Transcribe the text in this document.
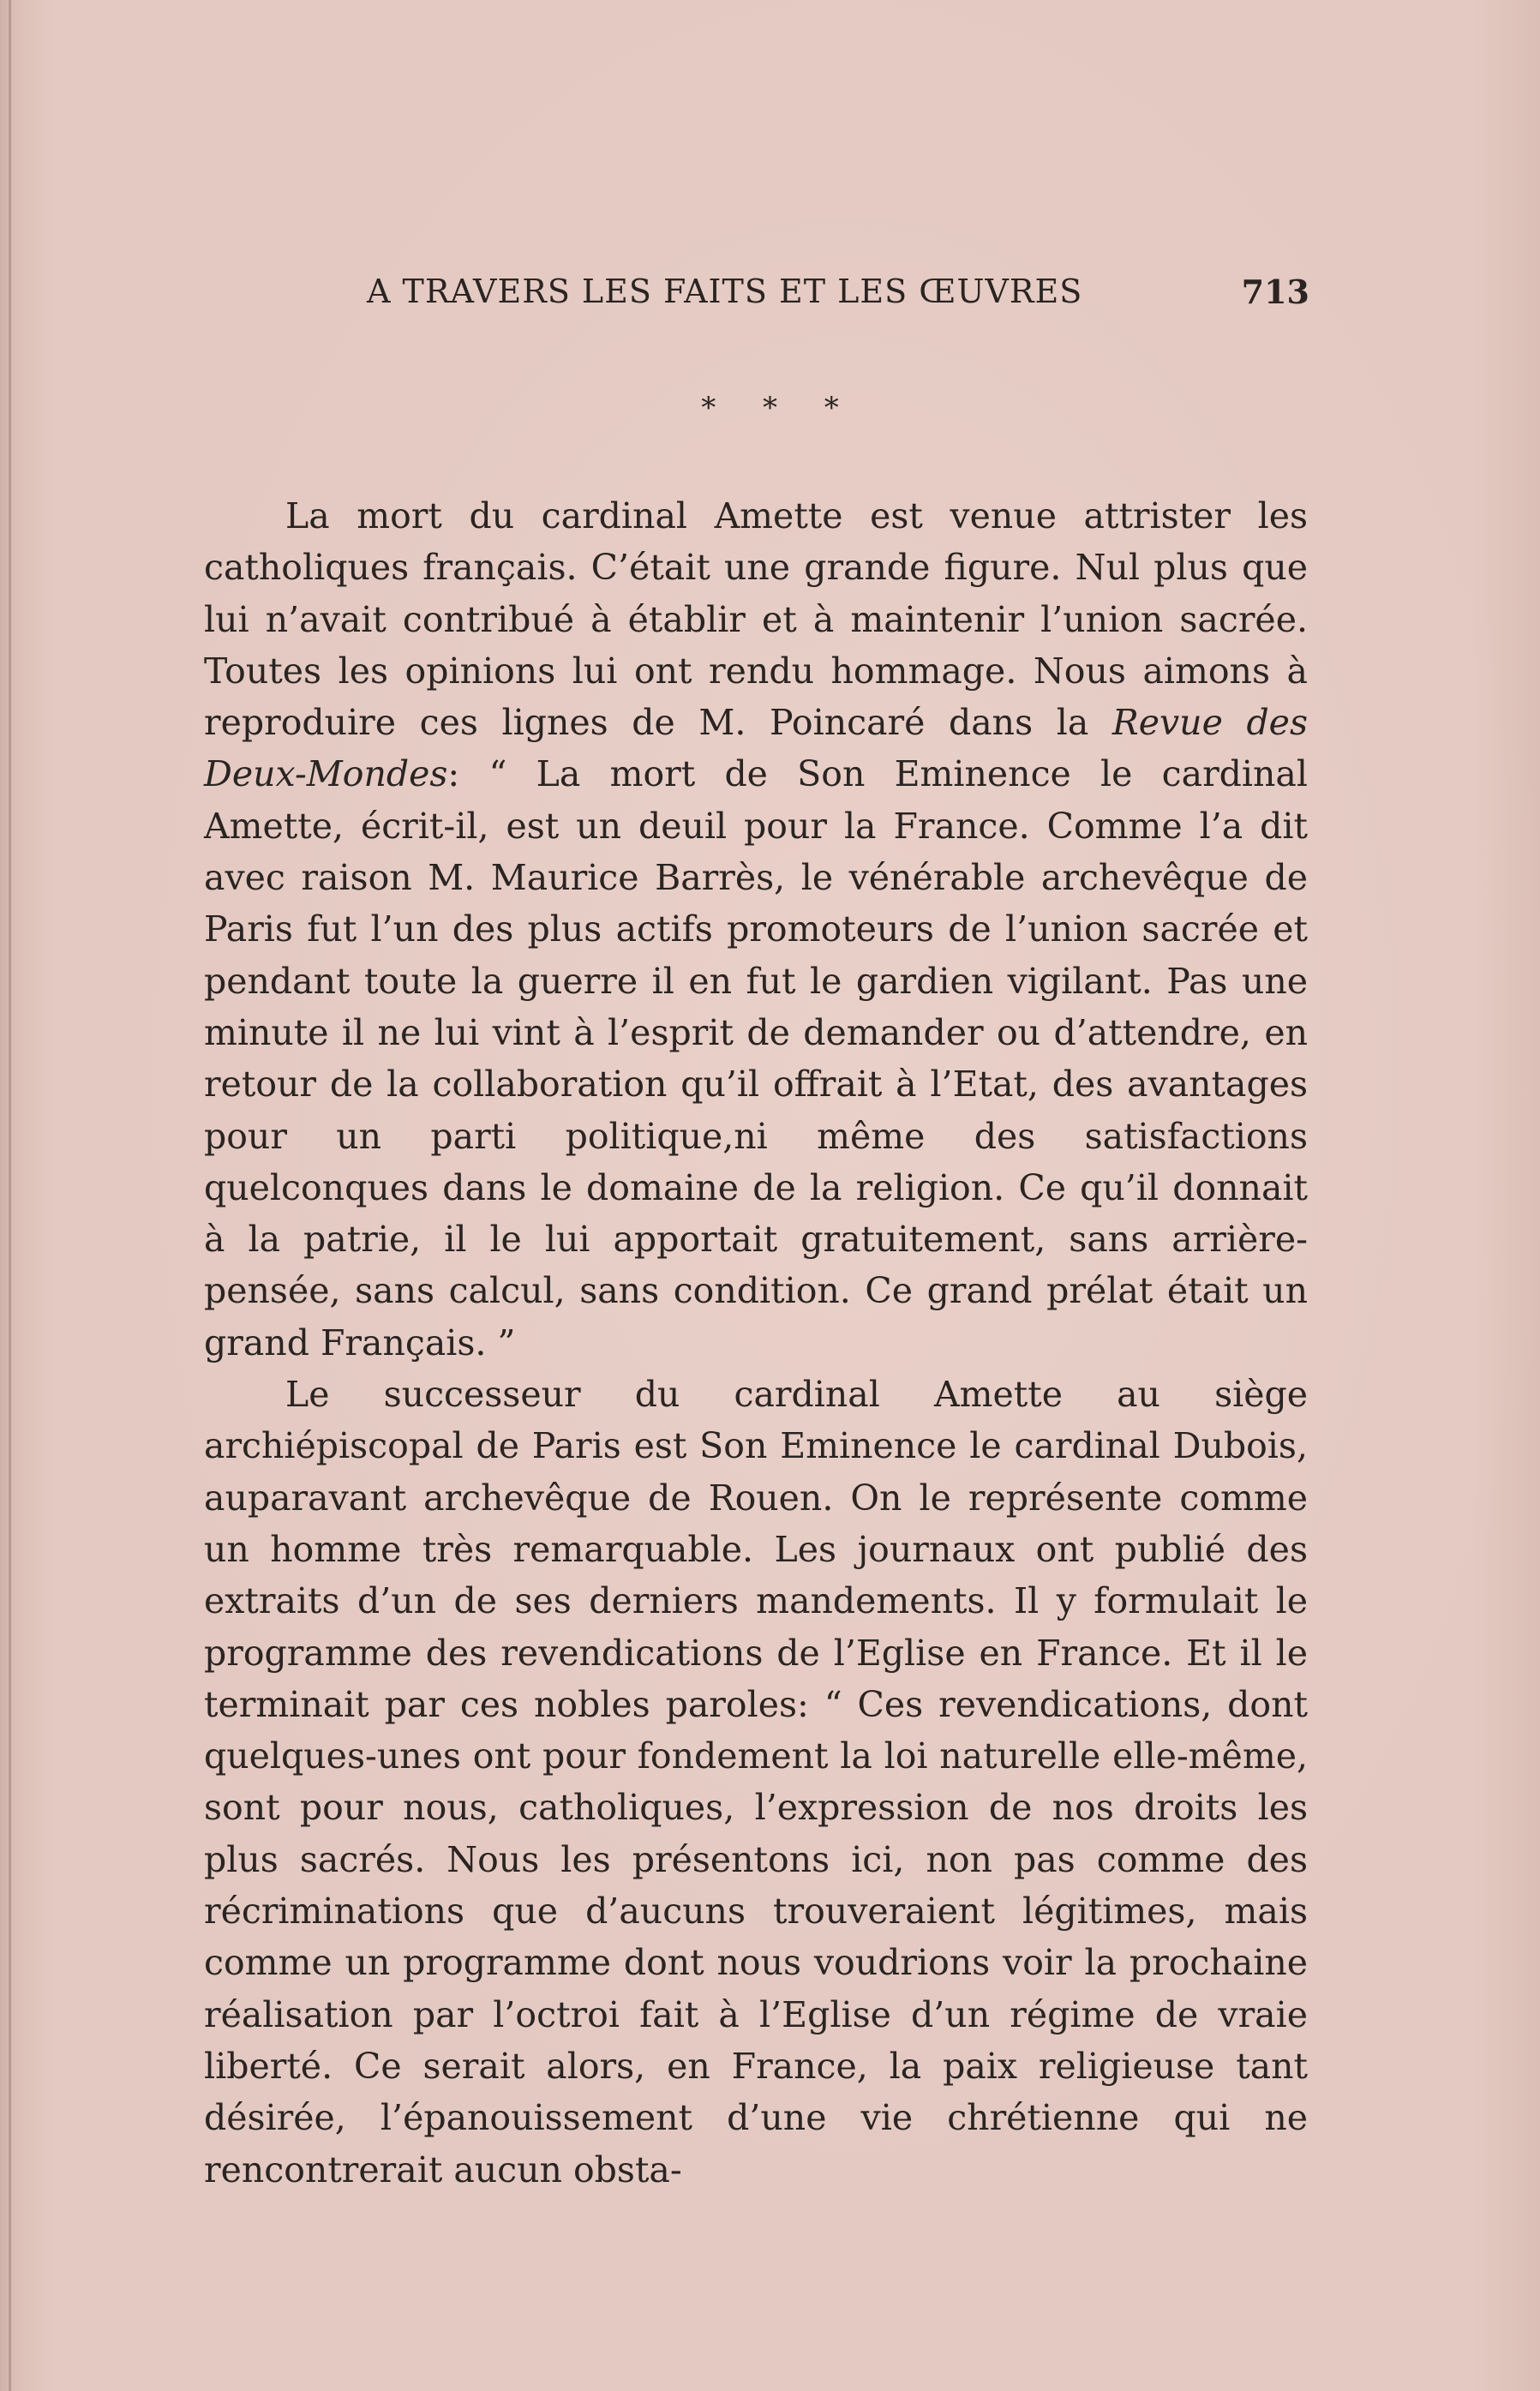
A TRAVERS LES FAITS ET LES ŒUVRES	713
* * *

La mort du cardinal Amette est venue attrister les catholiques français. C’était une grande figure. Nul plus que lui n’avait contribué à établir et à maintenir l’union sacrée. Toutes les opinions lui ont rendu hommage. Nous aimons à reproduire ces lignes de M. Poincaré dans la Revue des Deux-Mondes: “ La mort de Son Eminence le cardinal Amette, écrit-il, est un deuil pour la France. Comme l’a dit avec raison M. Maurice Barrès, le vénérable archevêque de Paris fut l’un des plus actifs promoteurs de l’union sacrée et pendant toute la guerre il en fut le gardien vigilant. Pas une minute il ne lui vint à l’esprit de demander ou d’attendre, en retour de la collaboration qu’il offrait à l’Etat, des avantages pour un parti politique,ni même des satisfactions quelconques dans le domaine de la religion. Ce qu’il donnait à la patrie, il le lui apportait gratuitement, sans arrière-pensée, sans calcul, sans condition. Ce grand prélat était un grand Français. ”

Le successeur du cardinal Amette au siège archiépiscopal de Paris est Son Eminence le cardinal Dubois, auparavant archevêque de Rouen. On le représente comme un homme très remarquable. Les journaux ont publié des extraits d’un de ses derniers mandements. Il y formulait le programme des revendications de l’Eglise en France. Et il le terminait par ces nobles paroles: “ Ces revendications, dont quelques-unes ont pour fondement la loi naturelle elle-même, sont pour nous, catholiques, l’expression de nos droits les plus sacrés. Nous les présentons ici, non pas comme des récriminations que d’aucuns trouveraient légitimes, mais comme un programme dont nous voudrions voir la prochaine réalisation par l’octroi fait à l’Eglise d’un régime de vraie liberté. Ce serait alors, en France, la paix religieuse tant désirée, l’épanouissement d’une vie chrétienne qui ne rencontrerait aucun obsta-
